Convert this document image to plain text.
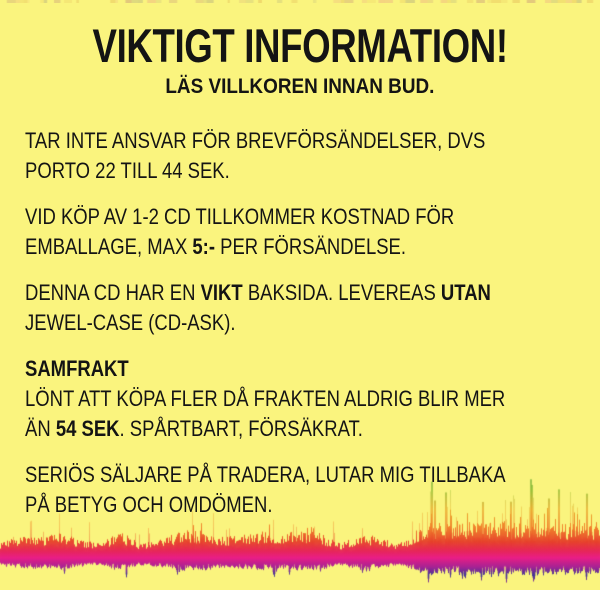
VIKTIGT INFORMATION!
LÄS VILLKOREN INNAN BUD.
TAR INTE ANSVAR FÖR BREVFÖRSÄNDELSER, DVS
PORTO 22 TILL 44 SEK.
VID KÖP AV 1-2 CD TILLKOMMER KOSTNAD FÖR
EMBALLAGE, MAX 5:- PER FÖRSÄNDELSE.
DENNA CD HAR EN VIKT BAKSIDA. LEVEREAS UTAN
JEWEL-CASE (CD-ASK).
SAMFRAKT
LÖNT ATT KÖPA FLER DÅ FRAKTEN ALDRIG BLIR MER
ÄN 54 SEK. SPÅRTBART, FÖRSÄKRAT.
